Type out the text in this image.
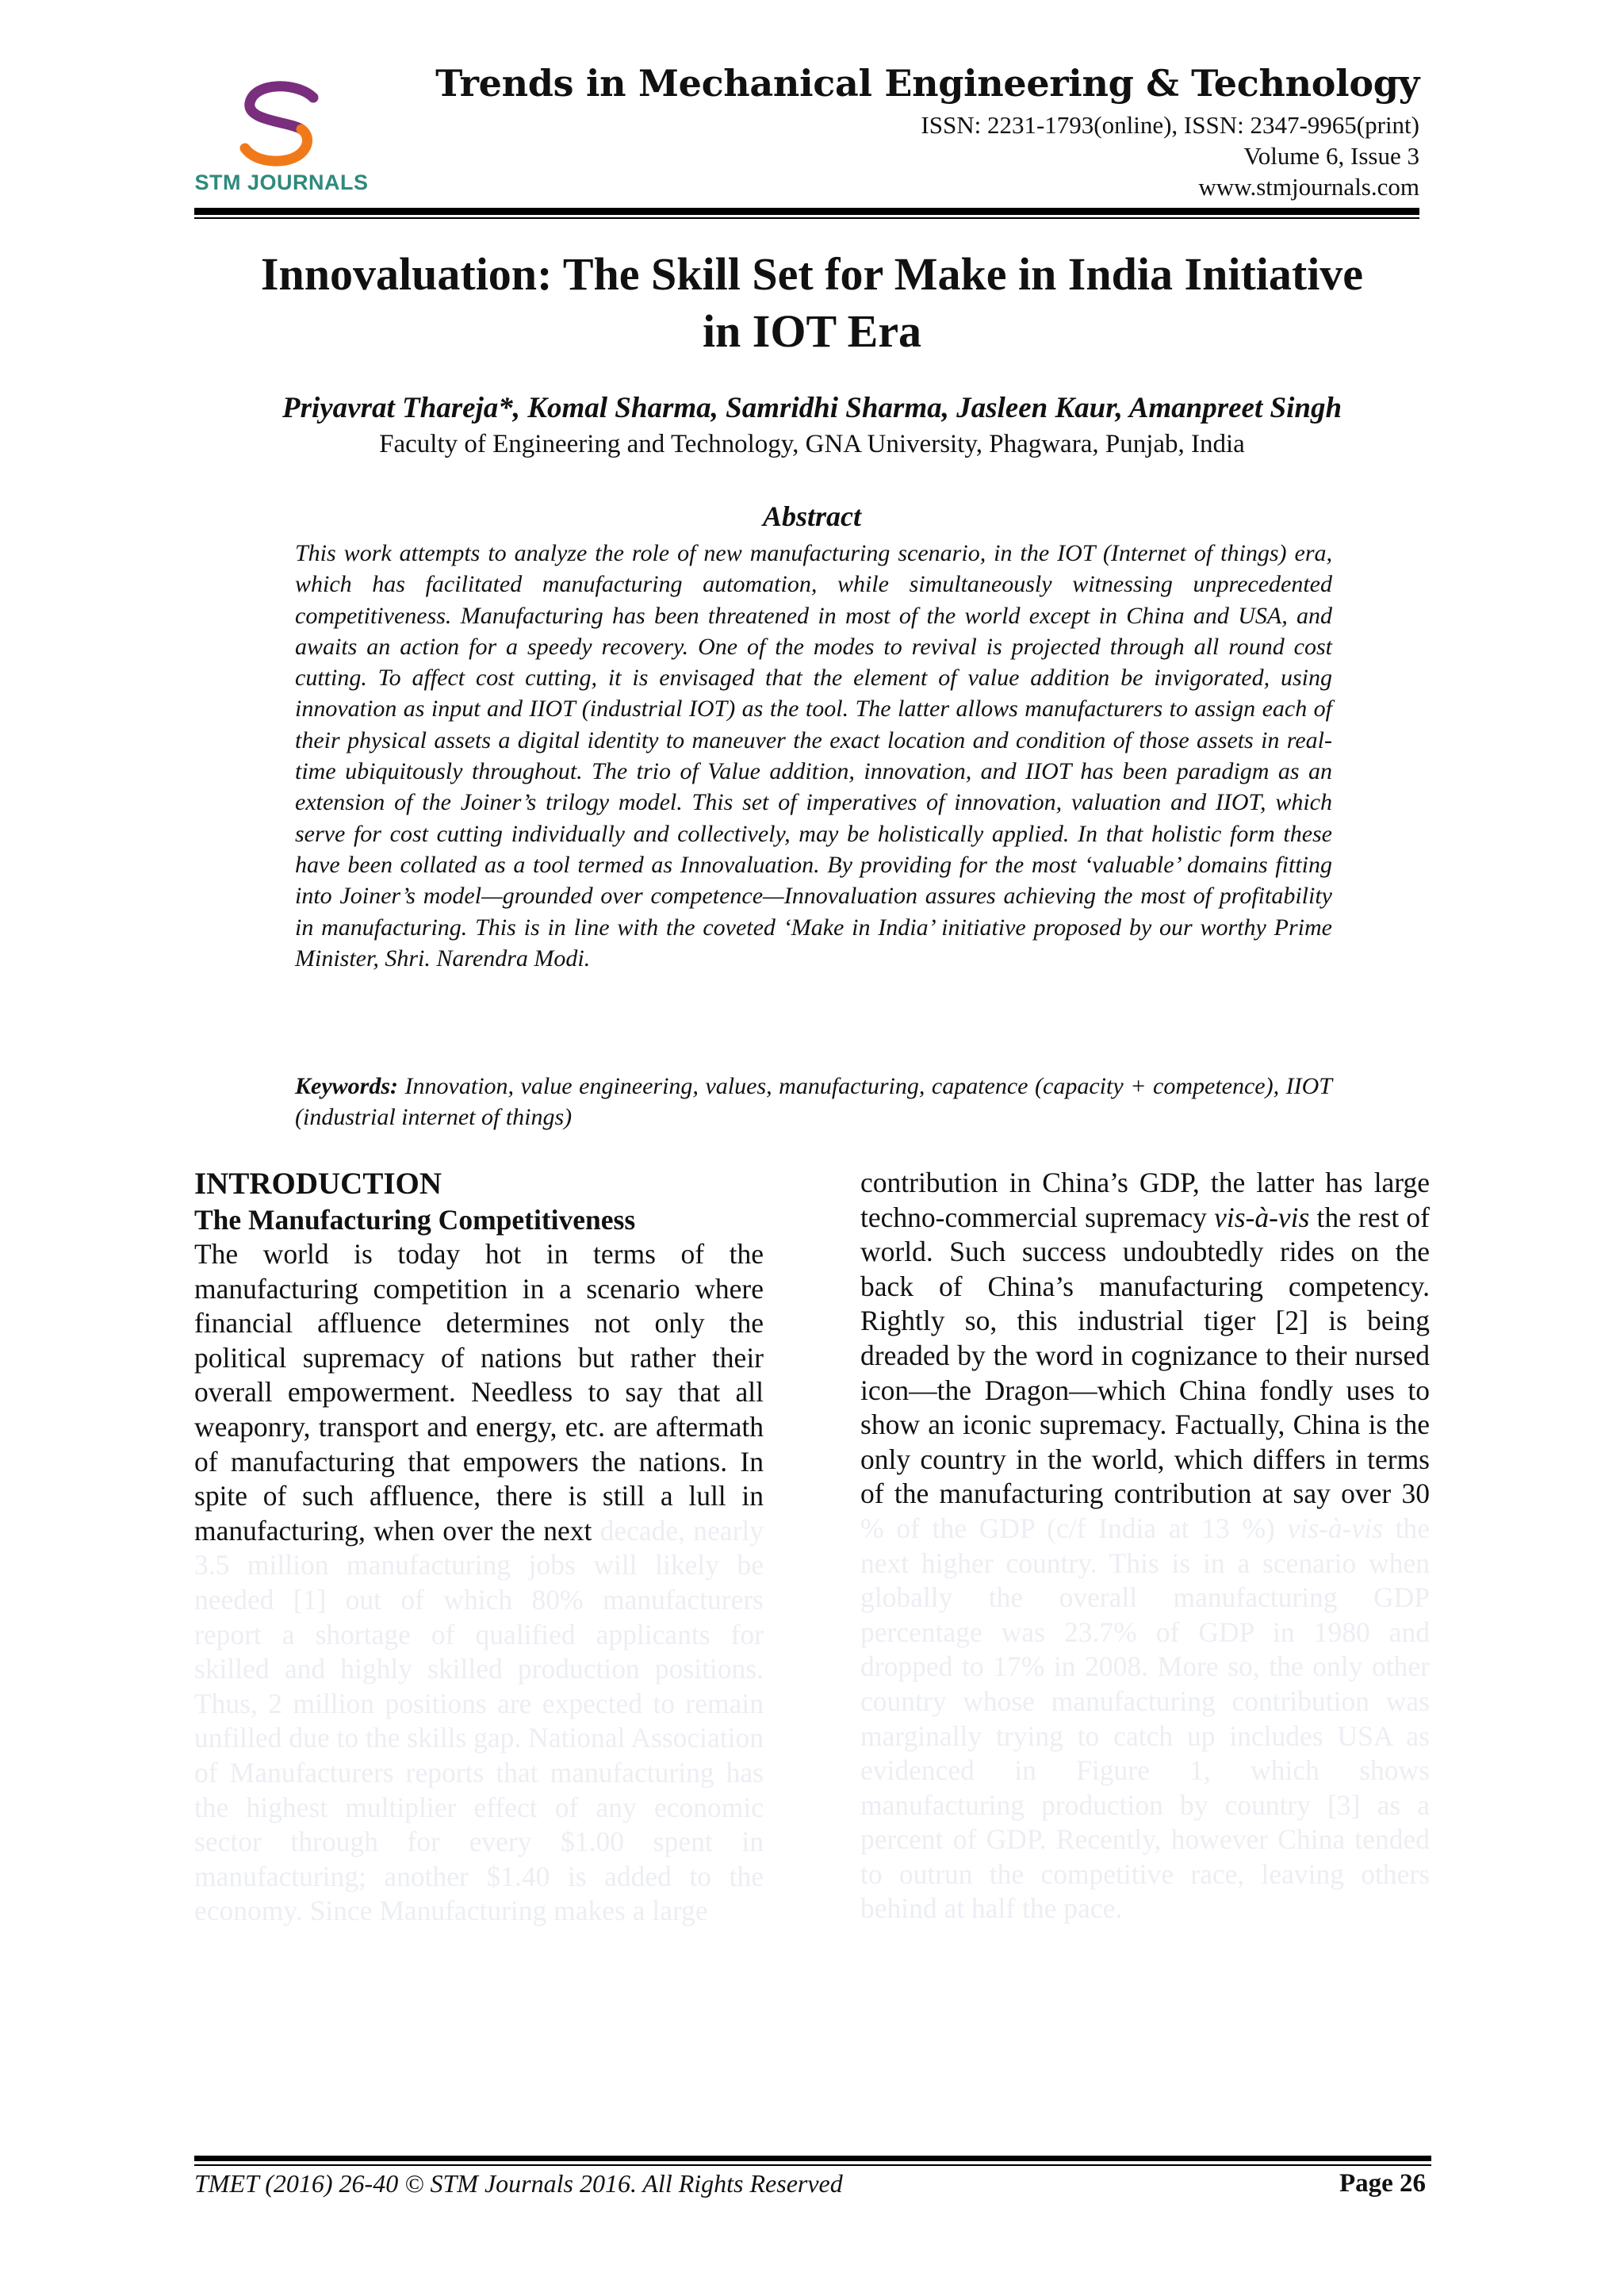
STM JOURNALS
Trends in Mechanical Engineering & Technology
ISSN: 2231-1793(online), ISSN: 2347-9965(print)
Volume 6, Issue 3
www.stmjournals.com
Innovaluation: The Skill Set for Make in India Initiative
in IOT Era
Priyavrat Thareja*, Komal Sharma, Samridhi Sharma, Jasleen Kaur, Amanpreet Singh
Faculty of Engineering and Technology, GNA University, Phagwara, Punjab, India
Abstract
This work attempts to analyze the role of new manufacturing scenario, in the IOT (Internet of things) era, which has facilitated manufacturing automation, while simultaneously witnessing unprecedented competitiveness. Manufacturing has been threatened in most of the world except in China and USA, and awaits an action for a speedy recovery. One of the modes to revival is projected through all round cost cutting. To affect cost cutting, it is envisaged that the element of value addition be invigorated, using innovation as input and IIOT (industrial IOT) as the tool. The latter allows manufacturers to assign each of their physical assets a digital identity to maneuver the exact location and condition of those assets in real-time ubiquitously throughout. The trio of Value addition, innovation, and IIOT has been paradigm as an extension of the Joiner’s trilogy model. This set of imperatives of innovation, valuation and IIOT, which serve for cost cutting individually and collectively, may be holistically applied. In that holistic form these have been collated as a tool termed as Innovaluation. By providing for the most ‘valuable’ domains fitting into Joiner’s model—grounded over competence—Innovaluation assures achieving the most of profitability in manufacturing. This is in line with the coveted ‘Make in India’ initiative proposed by our worthy Prime Minister, Shri. Narendra Modi.
Keywords: Innovation, value engineering, values, manufacturing, capatence (capacity + competence), IIOT (industrial internet of things)
INTRODUCTION
The Manufacturing Competitiveness

The world is today hot in terms of the manufacturing competition in a scenario where financial affluence determines not only the political supremacy of nations but rather their overall empowerment. Needless to say that all weaponry, transport and energy, etc. are aftermath of manufacturing that empowers the nations. In spite of such affluence, there is still a lull in manufacturing, when over the next decade, nearly 3.5 million manufacturing jobs will likely be needed [1] out of which 80% manufacturers report a shortage of qualified applicants for skilled and highly skilled production positions. Thus, 2 million positions are expected to remain unfilled due to the skills gap. National Association of Manufacturers reports that manufacturing has the highest multiplier effect of any economic sector through for every $1.00 spent in manufacturing; another $1.40 is added to the economy. Since Manufacturing makes a large

contribution in China’s GDP, the latter has large techno-commercial supremacy vis-à-vis the rest of world. Such success undoubtedly rides on the back of China’s manufacturing competency. Rightly so, this industrial tiger [2] is being dreaded by the word in cognizance to their nursed icon—the Dragon—which China fondly uses to show an iconic supremacy. Factually, China is the only country in the world, which differs in terms of the manufacturing contribution at say over 30 % of the GDP (c/f India at 13 %) vis-à-vis the next higher country. This is in a scenario when globally the overall manufacturing GDP percentage was 23.7% of GDP in 1980 and dropped to 17% in 2008. More so, the only other country whose manufacturing contribution was marginally trying to catch up includes USA as evidenced in Figure 1, which shows manufacturing production by country [3] as a percent of GDP. Recently, however China tended to outrun the competitive race, leaving others behind at half the pace.

TMET (2016) 26-40 © STM Journals 2016. All Rights Reserved	Page 26
